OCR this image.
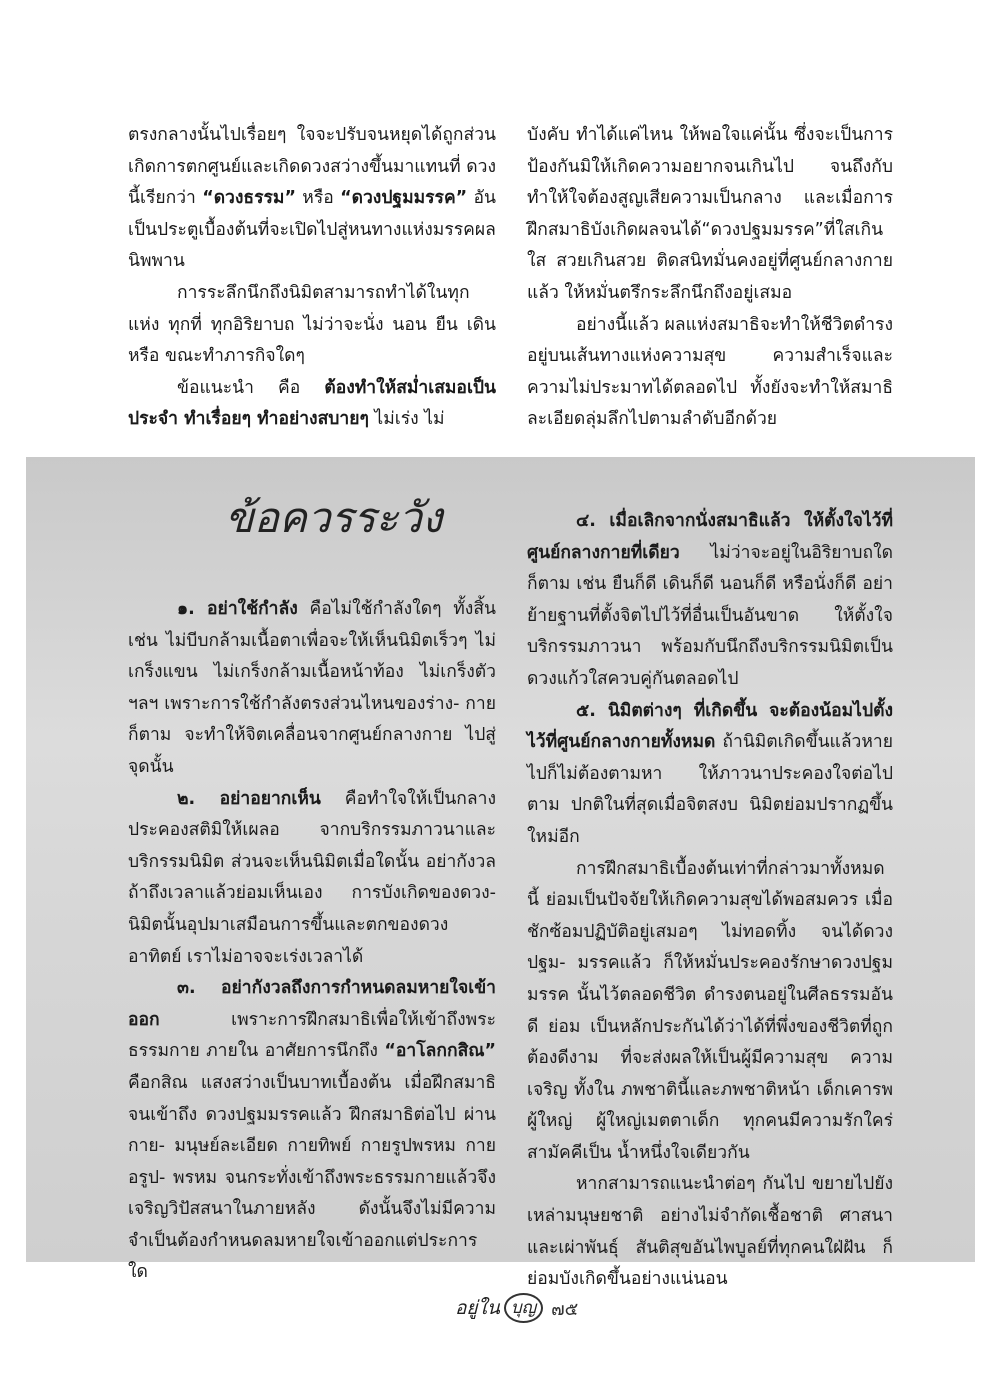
ตรงกลางนั้นไปเรื่อยๆ ใจจะปรับจนหยุดได้ถูกส่วน เกิดการตกศูนย์และเกิดดวงสว่างขึ้นมาแทนที่ ดวงนี้เรียกว่า “ดวงธรรม” หรือ “ดวงปฐมมรรค” อันเป็นประตูเบื้องต้นที่จะเปิดไปสู่หนทางแห่งมรรคผลนิพพาน

การระลึกนึกถึงนิมิตสามารถทำได้ในทุกแห่ง ทุกที่ ทุกอิริยาบถ ไม่ว่าจะนั่ง นอน ยืน เดิน หรือ ขณะทำภารกิจใดๆ

ข้อแนะนำ คือ ต้องทำให้สม่ำเสมอเป็นประจำ ทำเรื่อยๆ ทำอย่างสบายๆ ไม่เร่ง ไม่

บังคับ ทำได้แค่ไหน ให้พอใจแค่นั้น ซึ่งจะเป็นการ ป้องกันมิให้เกิดความอยากจนเกินไป จนถึงกับ ทำให้ใจต้องสูญเสียความเป็นกลาง และเมื่อการ ฝึกสมาธิบังเกิดผลจนได้“ดวงปฐมมรรค”ที่ใสเกินใส สวยเกินสวย ติดสนิทมั่นคงอยู่ที่ศูนย์กลางกายแล้ว ให้หมั่นตรึกระลึกนึกถึงอยู่เสมอ

อย่างนี้แล้ว ผลแห่งสมาธิจะทำให้ชีวิตดำรง อยู่บนเส้นทางแห่งความสุข ความสำเร็จและ ความไม่ประมาทได้ตลอดไป ทั้งยังจะทำให้สมาธิ ละเอียดลุ่มลึกไปตามลำดับอีกด้วย

ข้อควรระวัง

๑. อย่าใช้กำลัง คือไม่ใช้กำลังใดๆ ทั้งสิ้น เช่น ไม่บีบกล้ามเนื้อตาเพื่อจะให้เห็นนิมิตเร็วๆ ไม่เกร็งแขน ไม่เกร็งกล้ามเนื้อหน้าท้อง ไม่เกร็งตัว ฯลฯ เพราะการใช้กำลังตรงส่วนไหนของร่าง- กายก็ตาม จะทำให้จิตเคลื่อนจากศูนย์กลางกาย ไปสู่จุดนั้น

๒. อย่าอยากเห็น คือทำใจให้เป็นกลาง ประคองสติมิให้เผลอ จากบริกรรมภาวนาและ บริกรรมนิมิต ส่วนจะเห็นนิมิตเมื่อใดนั้น อย่ากังวล ถ้าถึงเวลาแล้วย่อมเห็นเอง การบังเกิดของดวง- นิมิตนั้นอุปมาเสมือนการขึ้นและตกของดวงอาทิตย์ เราไม่อาจจะเร่งเวลาได้

๓. อย่ากังวลถึงการกำหนดลมหายใจเข้าออก เพราะการฝึกสมาธิเพื่อให้เข้าถึงพระธรรมกาย ภายใน อาศัยการนึกถึง “อาโลกกสิณ” คือกสิณ แสงสว่างเป็นบาทเบื้องต้น เมื่อฝึกสมาธิจนเข้าถึง ดวงปฐมมรรคแล้ว ฝึกสมาธิต่อไป ผ่านกาย- มนุษย์ละเอียด กายทิพย์ กายรูปพรหม กายอรูป- พรหม จนกระทั่งเข้าถึงพระธรรมกายแล้วจึง เจริญวิปัสสนาในภายหลัง ดังนั้นจึงไม่มีความ จำเป็นต้องกำหนดลมหายใจเข้าออกแต่ประการใด

๔. เมื่อเลิกจากนั่งสมาธิแล้ว ให้ตั้งใจไว้ที่ ศูนย์กลางกายที่เดียว ไม่ว่าจะอยู่ในอิริยาบถใด ก็ตาม เช่น ยืนก็ดี เดินก็ดี นอนก็ดี หรือนั่งก็ดี อย่าย้ายฐานที่ตั้งจิตไปไว้ที่อื่นเป็นอันขาด ให้ตั้งใจ บริกรรมภาวนา พร้อมกับนึกถึงบริกรรมนิมิตเป็น ดวงแก้วใสควบคู่กันตลอดไป

๕. นิมิตต่างๆ ที่เกิดขึ้น จะต้องน้อมไปตั้ง ไว้ที่ศูนย์กลางกายทั้งหมด ถ้านิมิตเกิดขึ้นแล้วหาย ไปก็ไม่ต้องตามหา ให้ภาวนาประคองใจต่อไปตาม ปกติในที่สุดเมื่อจิตสงบ นิมิตย่อมปรากฏขึ้นใหม่อีก

การฝึกสมาธิเบื้องต้นเท่าที่กล่าวมาทั้งหมดนี้ ย่อมเป็นปัจจัยให้เกิดความสุขได้พอสมควร เมื่อ ชักซ้อมปฏิบัติอยู่เสมอๆ ไม่ทอดทิ้ง จนได้ดวงปฐม- มรรคแล้ว ก็ให้หมั่นประคองรักษาดวงปฐมมรรค นั้นไว้ตลอดชีวิต ดำรงตนอยู่ในศีลธรรมอันดี ย่อม เป็นหลักประกันได้ว่าได้ที่พึ่งของชีวิตที่ถูกต้องดีงาม ที่จะส่งผลให้เป็นผู้มีความสุข ความเจริญ ทั้งใน ภพชาตินี้และภพชาติหน้า เด็กเคารพผู้ใหญ่ ผู้ใหญ่เมตตาเด็ก ทุกคนมีความรักใคร่ สามัคคีเป็น น้ำหนึ่งใจเดียวกัน

หากสามารถแนะนำต่อๆ กันไป ขยายไปยัง เหล่ามนุษยชาติ อย่างไม่จำกัดเชื้อชาติ ศาสนา และเผ่าพันธุ์ สันติสุขอันไพบูลย์ที่ทุกคนใฝ่ฝัน ก็ย่อมบังเกิดขึ้นอย่างแน่นอน

อยู่ใน บุญ ๗๕
